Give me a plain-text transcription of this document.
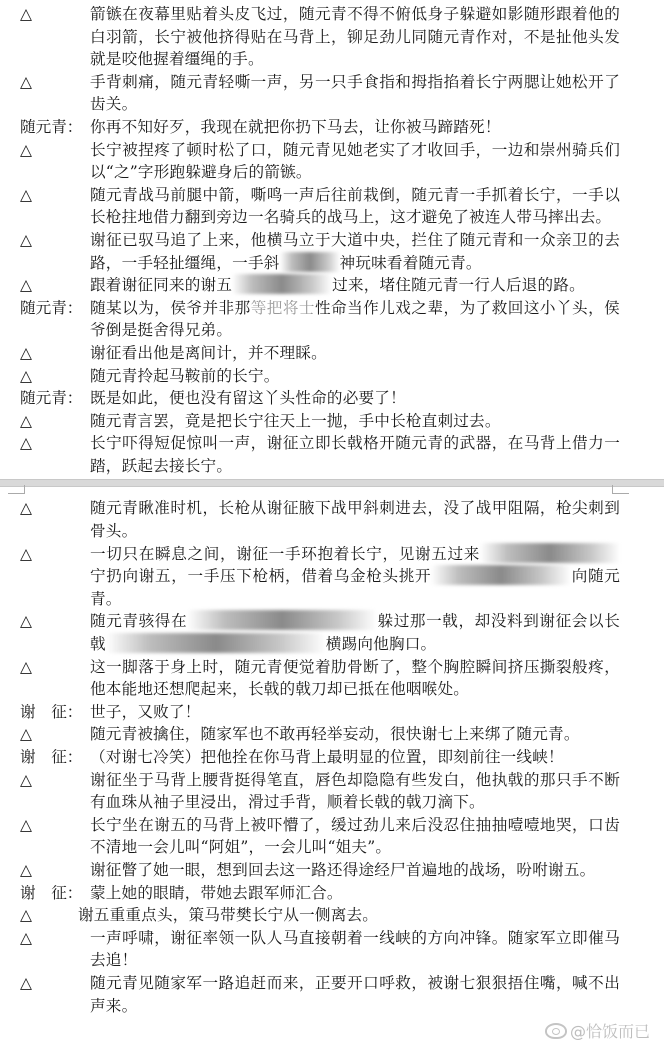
△	箭镞在夜幕里贴着头皮飞过，随元青不得不俯低身子躲避如影随形跟着他的白羽箭，长宁被他挤得贴在马背上，铆足劲儿同随元青作对，不是扯他头发就是咬他握着缰绳的手。
△	手背刺痛，随元青轻嘶一声，另一只手食指和拇指掐着长宁两腮让她松开了齿关。
随元青： 你再不知好歹，我现在就把你扔下马去，让你被马蹄踏死！
△	长宁被捏疼了顿时松了口，随元青见她老实了才收回手，一边和崇州骑兵们以“之”字形跑躲避身后的箭镞。
△	随元青战马前腿中箭，嘶鸣一声后往前栽倒，随元青一手抓着长宁，一手以长枪拄地借力翻到旁边一名骑兵的战马上，这才避免了被连人带马摔出去。
△	谢征已驭马追了上来，他横马立于大道中央，拦住了随元青和一众亲卫的去路，一手轻扯缰绳，一手斜	神玩味看着随元青。
△	跟着谢征同来的谢五	过来，堵住随元青一行人后退的路。
随元青： 随某以为，侯爷并非那等把将士性命当作儿戏之辈，为了救回这小丫头，侯爷倒是挺舍得兄弟。
△	谢征看出他是离间计，并不理睬。
△	随元青拎起马鞍前的长宁。
随元青： 既是如此，便也没有留这丫头性命的必要了！
△	随元青言罢，竟是把长宁往天上一抛，手中长枪直刺过去。
△	长宁吓得短促惊叫一声，谢征立即长戟格开随元青的武器，在马背上借力一踏，跃起去接长宁。
△	随元青瞅准时机，长枪从谢征腋下战甲斜刺进去，没了战甲阻隔，枪尖刺到骨头。
△	一切只在瞬息之间，谢征一手环抱着长宁，见谢五过来宁扔向谢五，一手压下枪柄，借着乌金枪头挑开	向随元青。
△	随元青骇得在	躲过那一戟，却没料到谢征会以长戟	横踢向他胸口。
△	这一脚落于身上时，随元青便觉着肋骨断了，整个胸腔瞬间挤压撕裂般疼，他本能地还想爬起来，长戟的戟刀却已抵在他咽喉处。
谢　征： 世子，又败了！
△	随元青被擒住，随家军也不敢再轻举妄动，很快谢七上来绑了随元青。
谢　征： （对谢七冷笑）把他拴在你马背上最明显的位置，即刻前往一线峡！
△	谢征坐于马背上腰背挺得笔直，唇色却隐隐有些发白，他执戟的那只手不断有血珠从袖子里浸出，滑过手背，顺着长戟的戟刀滴下。
△	长宁坐在谢五的马背上被吓懵了，缓过劲儿来后没忍住抽抽噎噎地哭，口齿不清地一会儿叫“阿姐”，一会儿叫“姐夫”。
△	谢征瞥了她一眼，想到回去这一路还得途经尸首遍地的战场，吩咐谢五。
谢　征： 蒙上她的眼睛，带她去跟军师汇合。
△	谢五重重点头，策马带樊长宁从一侧离去。
△	一声呼啸，谢征率领一队人马直接朝着一线峡的方向冲锋。随家军立即催马去追！
△	随元青见随家军一路追赶而来，正要开口呼救，被谢七狠狠捂住嘴，喊不出声来。
@恰饭而已
